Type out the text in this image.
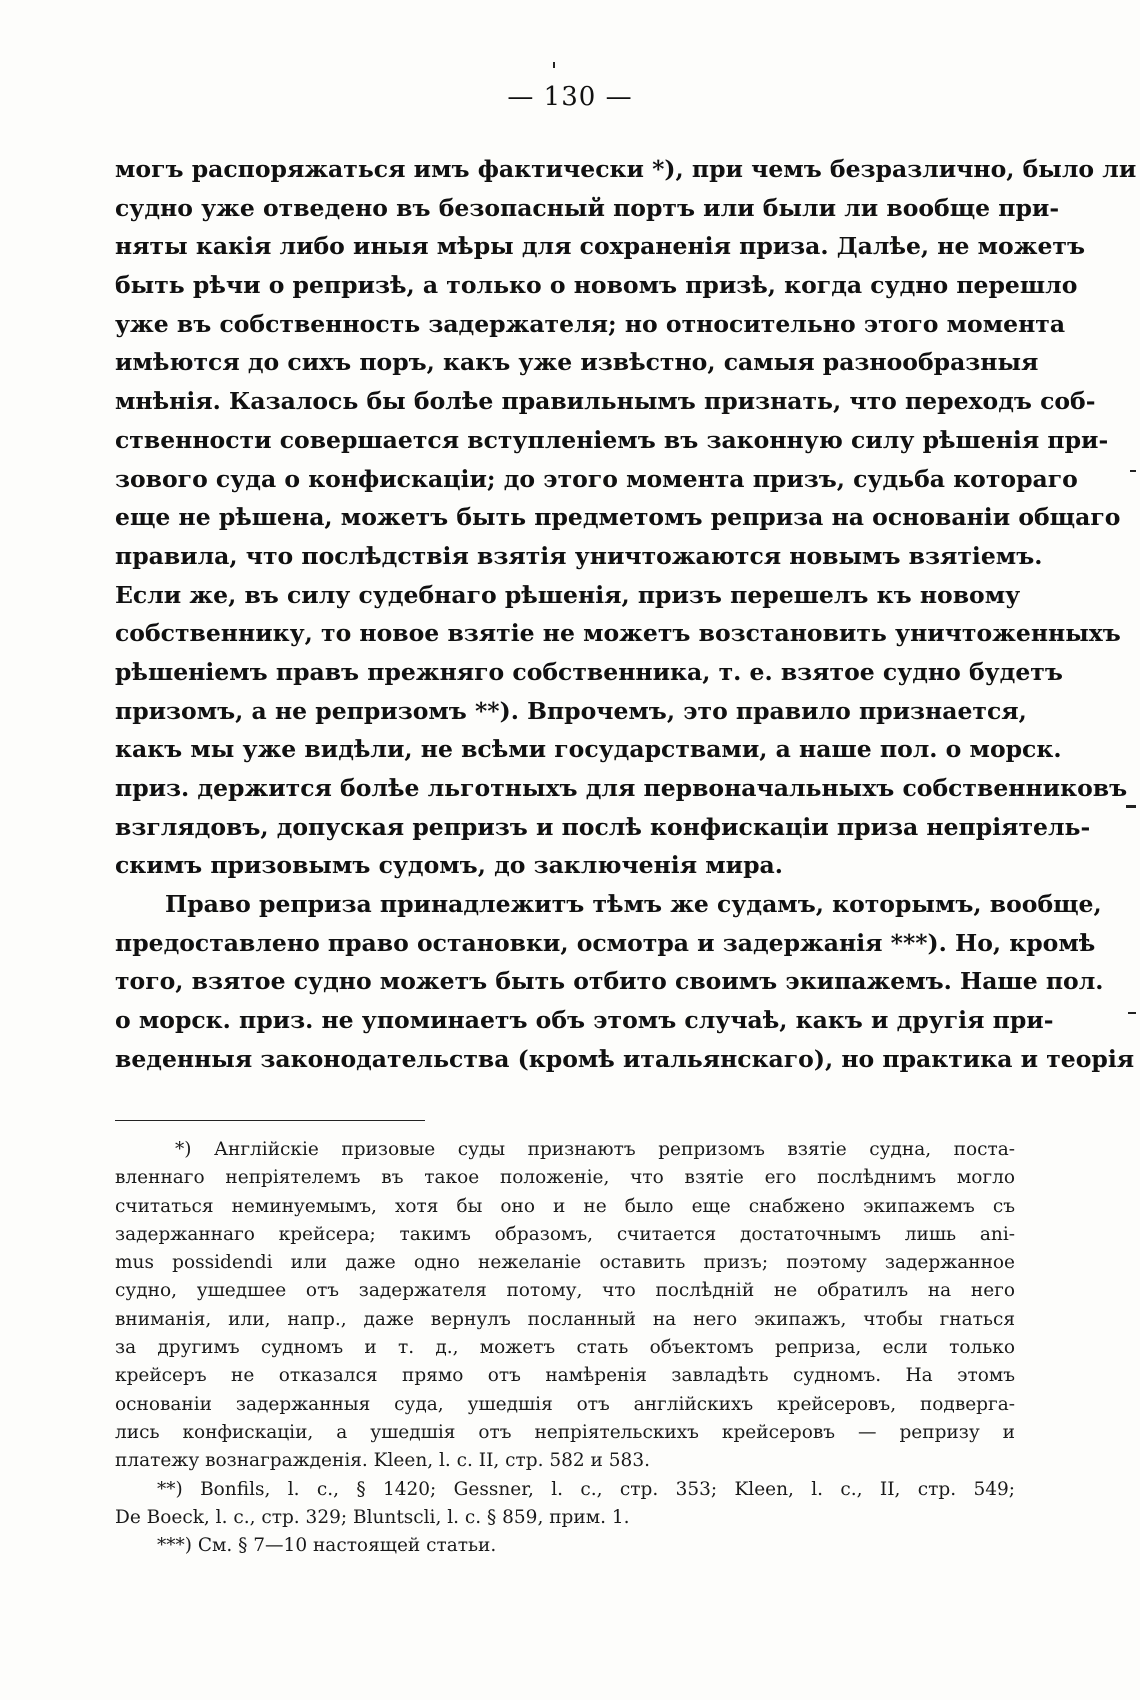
— 130 —
могъ распоряжаться имъ фактически *), при чемъ безразлично, было ли
судно уже отведено въ безопасный портъ или были ли вообще при-
няты какія либо иныя мѣры для сохраненія приза. Далѣе, не можетъ
быть рѣчи о репризѣ, а только о новомъ призѣ, когда судно перешло
уже въ собственность задержателя; но относительно этого момента
имѣются до сихъ поръ, какъ уже извѣстно, самыя разнообразныя
мнѣнія. Казалось бы болѣе правильнымъ признать, что переходъ соб-
ственности совершается вступленіемъ въ законную силу рѣшенія при-
зового суда о конфискаціи; до этого момента призъ, судьба котораго
еще не рѣшена, можетъ быть предметомъ реприза на основаніи общаго
правила, что послѣдствія взятія уничтожаются новымъ взятіемъ.
Если же, въ силу судебнаго рѣшенія, призъ перешелъ къ новому
собственнику, то новое взятіе не можетъ возстановить уничтоженныхъ
рѣшеніемъ правъ прежняго собственника, т. е. взятое судно будетъ
призомъ, а не репризомъ **). Впрочемъ, это правило признается,
какъ мы уже видѣли, не всѣми государствами, а наше пол. о морск.
приз. держится болѣе льготныхъ для первоначальныхъ собственниковъ
взглядовъ, допуская репризъ и послѣ конфискаціи приза непріятель-
скимъ призовымъ судомъ, до заключенія мира.
Право реприза принадлежитъ тѣмъ же судамъ, которымъ, вообще,
предоставлено право остановки, осмотра и задержанія ***). Но, кромѣ
того, взятое судно можетъ быть отбито своимъ экипажемъ. Наше пол.
о морск. приз. не упоминаетъ объ этомъ случаѣ, какъ и другія при-
веденныя законодательства (кромѣ итальянскаго), но практика и теорія
*) Англійскіе призовые суды признаютъ репризомъ взятіе судна, поста-
вленнаго непріятелемъ въ такое положеніе, что взятіе его послѣднимъ могло
считаться неминуемымъ, хотя бы оно и не было еще снабжено экипажемъ съ
задержаннаго крейсера; такимъ образомъ, считается достаточнымъ лишь ani-
mus possidendi или даже одно нежеланіе оставить призъ; поэтому задержанное
судно, ушедшее отъ задержателя потому, что послѣдній не обратилъ на него
вниманія, или, напр., даже вернулъ посланный на него экипажъ, чтобы гнаться
за другимъ судномъ и т. д., можетъ стать объектомъ реприза, если только
крейсеръ не отказался прямо отъ намѣренія завладѣть судномъ. На этомъ
основаніи задержанныя суда, ушедшія отъ англійскихъ крейсеровъ, подверга-
лись конфискаціи, а ушедшія отъ непріятельскихъ крейсеровъ — репризу и
платежу вознагражденія. Kleen, l. c. II, стр. 582 и 583.
**) Bonfils, l. c., § 1420; Gessner, l. c., стр. 353; Kleen, l. c., II, стр. 549;
De Boeck, l. c., стр. 329; Bluntscli, l. c. § 859, прим. 1.
***) См. § 7—10 настоящей статьи.
